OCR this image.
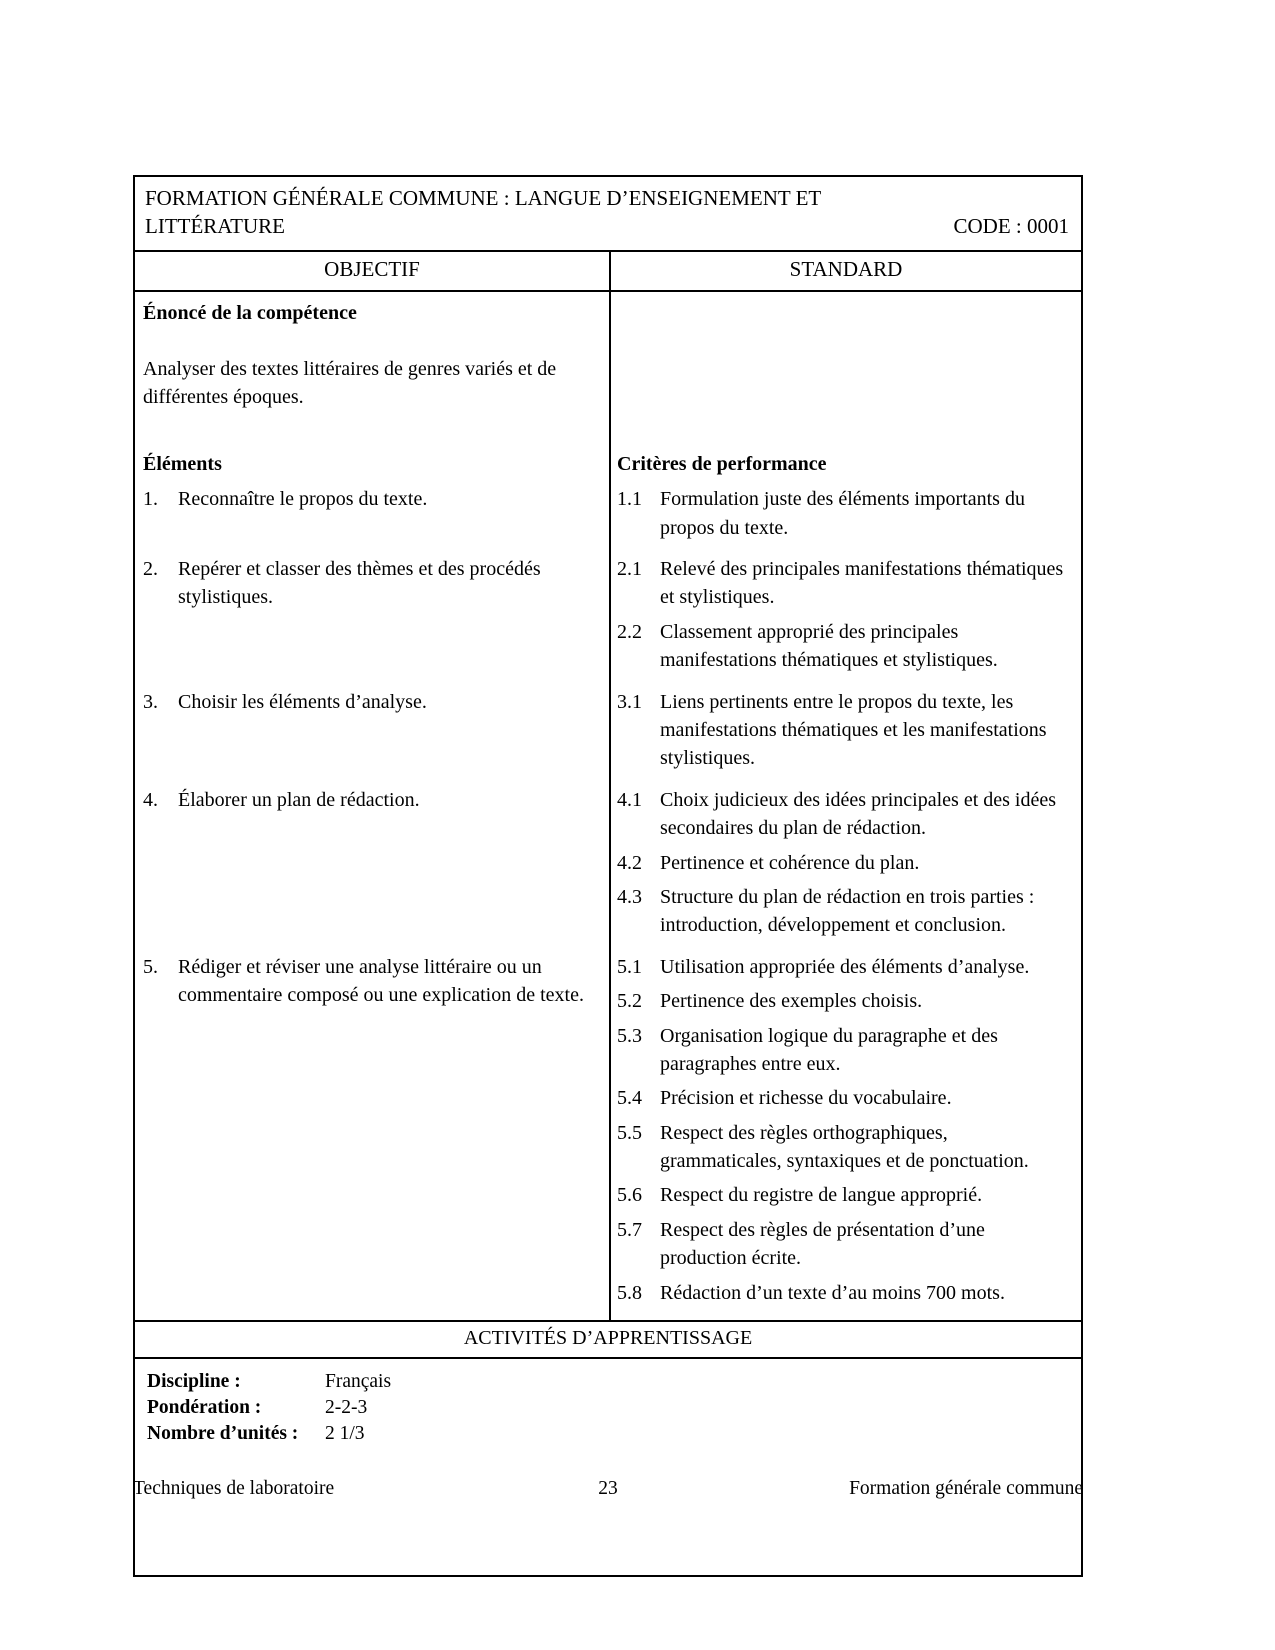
FORMATION GÉNÉRALE COMMUNE : LANGUE D’ENSEIGNEMENT ET
LITTÉRATURE	CODE : 0001
OBJECTIF	STANDARD
Énoncé de la compétence

Analyser des textes littéraires de genres variés et de différentes époques.

Éléments	Critères de performance
1.	Reconnaître le propos du texte.	1.1 Formulation juste des éléments importants du propos du texte.
2.	Repérer et classer des thèmes et des procédés stylistiques.
2.1 Relevé des principales manifestations thématiques et stylistiques.
2.2 Classement approprié des principales manifestations thématiques et stylistiques.
3.	Choisir les éléments d’analyse.	3.1 Liens pertinents entre le propos du texte, les manifestations thématiques et les manifestations stylistiques.
4.	Élaborer un plan de rédaction.	4.1 Choix judicieux des idées principales et des idées secondaires du plan de rédaction.
4.2 Pertinence et cohérence du plan.
4.3 Structure du plan de rédaction en trois parties : introduction, développement et conclusion.
5.	Rédiger et réviser une analyse littéraire ou un commentaire composé ou une explication de texte.
5.1 Utilisation appropriée des éléments d’analyse.
5.2 Pertinence des exemples choisis.
5.3 Organisation logique du paragraphe et des paragraphes entre eux.
5.4 Précision et richesse du vocabulaire.
5.5 Respect des règles orthographiques, grammaticales, syntaxiques et de ponctuation.
5.6 Respect du registre de langue approprié.
5.7 Respect des règles de présentation d’une production écrite.
5.8 Rédaction d’un texte d’au moins 700 mots.
ACTIVITÉS D’APPRENTISSAGE
Discipline :	Français
Pondération :	2-2-3
Nombre d’unités :	2 1/3
Techniques de laboratoire	23	Formation générale commune
